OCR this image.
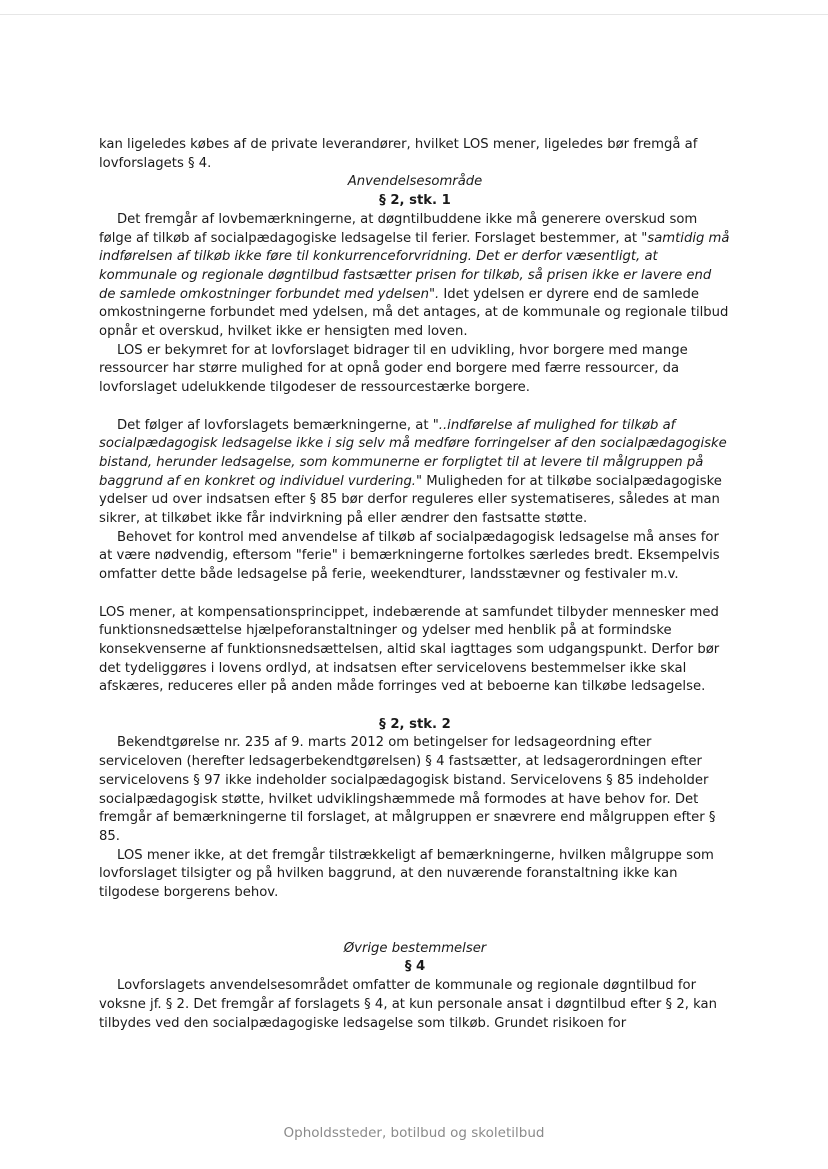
kan ligeledes købes af de private leverandører, hvilket LOS mener, ligeledes bør fremgå af lovforslagets § 4.

Anvendelsesområde

§ 2, stk. 1

Det fremgår af lovbemærkningerne, at døgntilbuddene ikke må generere overskud som følge af tilkøb af socialpædagogiske ledsagelse til ferier. Forslaget bestemmer, at "samtidig må indførelsen af tilkøb ikke føre til konkurrenceforvridning. Det er derfor væsentligt, at kommunale og regionale døgntilbud fastsætter prisen for tilkøb, så prisen ikke er lavere end de samlede omkostninger forbundet med ydelsen". Idet ydelsen er dyrere end de samlede omkostningerne forbundet med ydelsen, må det antages, at de kommunale og regionale tilbud opnår et overskud, hvilket ikke er hensigten med loven.

LOS er bekymret for at lovforslaget bidrager til en udvikling, hvor borgere med mange ressourcer har større mulighed for at opnå goder end borgere med færre ressourcer, da lovforslaget udelukkende tilgodeser de ressourcestærke borgere.

Det følger af lovforslagets bemærkningerne, at "..indførelse af mulighed for tilkøb af socialpædagogisk ledsagelse ikke i sig selv må medføre forringelser af den socialpædagogiske bistand, herunder ledsagelse, som kommunerne er forpligtet til at levere til målgruppen på baggrund af en konkret og individuel vurdering." Muligheden for at tilkøbe socialpædagogiske ydelser ud over indsatsen efter § 85 bør derfor reguleres eller systematiseres, således at man sikrer, at tilkøbet ikke får indvirkning på eller ændrer den fastsatte støtte.

Behovet for kontrol med anvendelse af tilkøb af socialpædagogisk ledsagelse må anses for at være nødvendig, eftersom "ferie" i bemærkningerne fortolkes særledes bredt. Eksempelvis omfatter dette både ledsagelse på ferie, weekendturer, landsstævner og festivaler m.v.

LOS mener, at kompensationsprincippet, indebærende at samfundet tilbyder mennesker med funktionsnedsættelse hjælpeforanstaltninger og ydelser med henblik på at formindske konsekvenserne af funktionsnedsættelsen, altid skal iagttages som udgangspunkt. Derfor bør det tydeliggøres i lovens ordlyd, at indsatsen efter servicelovens bestemmelser ikke skal afskæres, reduceres eller på anden måde forringes ved at beboerne kan tilkøbe ledsagelse.

§ 2, stk. 2

Bekendtgørelse nr. 235 af 9. marts 2012 om betingelser for ledsageordning efter serviceloven (herefter ledsagerbekendtgørelsen) § 4 fastsætter, at ledsagerordningen efter servicelovens § 97 ikke indeholder socialpædagogisk bistand. Servicelovens § 85 indeholder socialpædagogisk støtte, hvilket udviklingshæmmede må formodes at have behov for. Det fremgår af bemærkningerne til forslaget, at målgruppen er snævrere end målgruppen efter § 85.

LOS mener ikke, at det fremgår tilstrækkeligt af bemærkningerne, hvilken målgruppe som lovforslaget tilsigter og på hvilken baggrund, at den nuværende foranstaltning ikke kan tilgodese borgerens behov.

Øvrige bestemmelser

§ 4

Lovforslagets anvendelsesområdet omfatter de kommunale og regionale døgntilbud for voksne jf. § 2. Det fremgår af forslagets § 4, at kun personale ansat i døgntilbud efter § 2, kan tilbydes ved den socialpædagogiske ledsagelse som tilkøb. Grundet risikoen for

Opholdssteder, botilbud og skoletilbud
